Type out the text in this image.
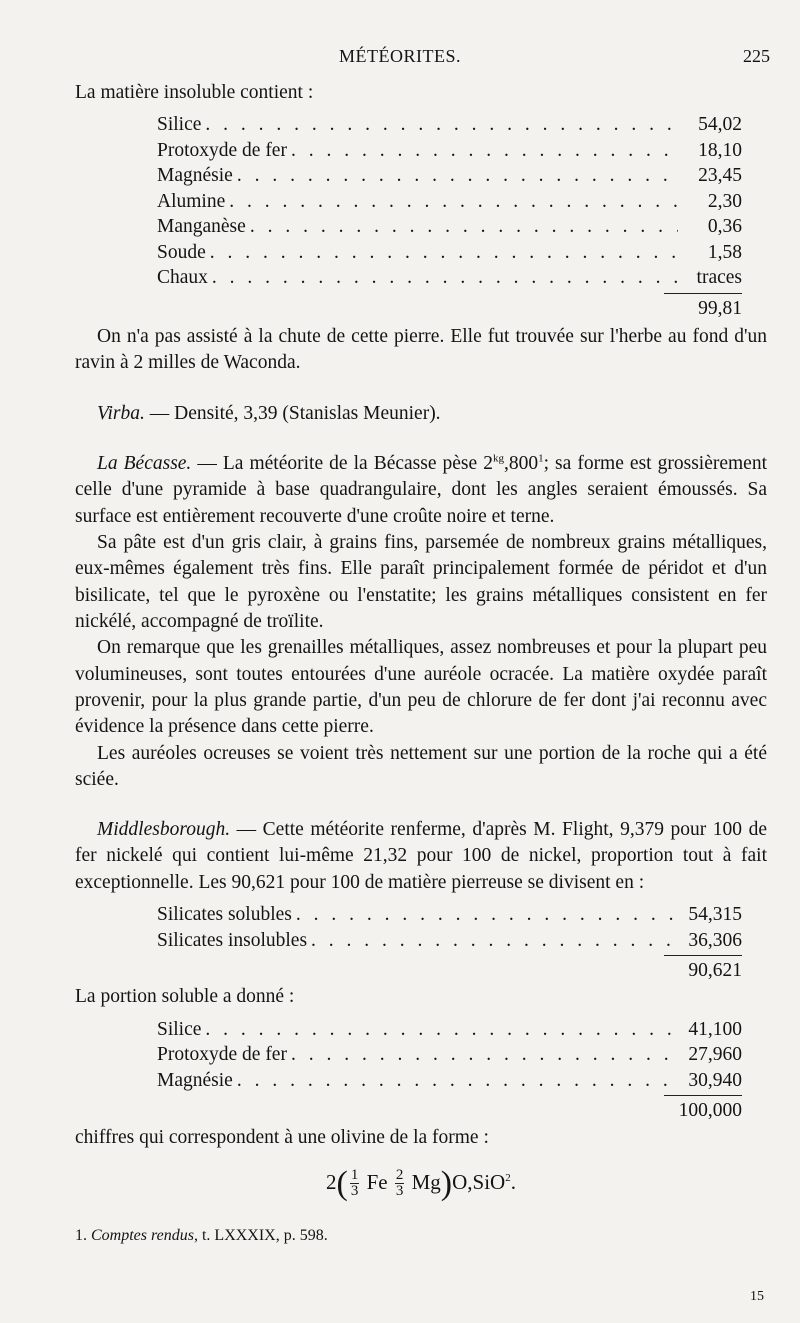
MÉTÉORITES.	225

La matière insoluble contient :

Silice . . .	54,02
Protoxyde de fer . . .	18,10
Magnésie . . .	23,45
Alumine . . .	2,30
Manganèse . . .	0,36
Soude . . .	1,58
Chaux . . .	traces
99,81

On n'a pas assisté à la chute de cette pierre. Elle fut trouvée sur l'herbe au fond d'un ravin à 2 milles de Waconda.

Virba. — Densité, 3,39 (Stanislas Meunier).

La Bécasse. — La météorite de la Bécasse pèse $2^{kg},800^1$; sa forme est grossièrement celle d'une pyramide à base quadrangulaire, dont les angles seraient émoussés. Sa surface est entièrement recouverte d'une croûte noire et terne.

Sa pâte est d'un gris clair, à grains fins, parsemée de nombreux grains métalliques, eux-mêmes également très fins. Elle paraît principalement formée de péridot et d'un bisilicate, tel que le pyroxène ou l'enstatite; les grains métalliques consistent en fer nickélé, accompagné de troïlite.

On remarque que les grenailles métalliques, assez nombreuses et pour la plupart peu volumineuses, sont toutes entourées d'une auréole ocracée. La matière oxydée paraît provenir, pour la plus grande partie, d'un peu de chlorure de fer dont j'ai reconnu avec évidence la présence dans cette pierre.

Les auréoles ocreuses se voient très nettement sur une portion de la roche qui a été sciée.

Middlesborough. — Cette météorite renferme, d'après M. Flight, 9,379 pour 100 de fer nickelé qui contient lui-même 21,32 pour 100 de nickel, proportion tout à fait exceptionnelle. Les 90,621 pour 100 de matière pierreuse se divisent en :

Silicates solubles . . .	54,315
Silicates insolubles . . .	36,306
90,621

La portion soluble a donné :

Silice . . .	41,100
Protoxyde de fer . . .	27,960
Magnésie . . .	30,940
100,000

chiffres qui correspondent à une olivine de la forme :

$2( \frac{1}{3}$ Fe $\frac{2}{3} Mg)O,SiO^2$.

1. Comptes rendus, t. LXXXIX, p. 598.

15
